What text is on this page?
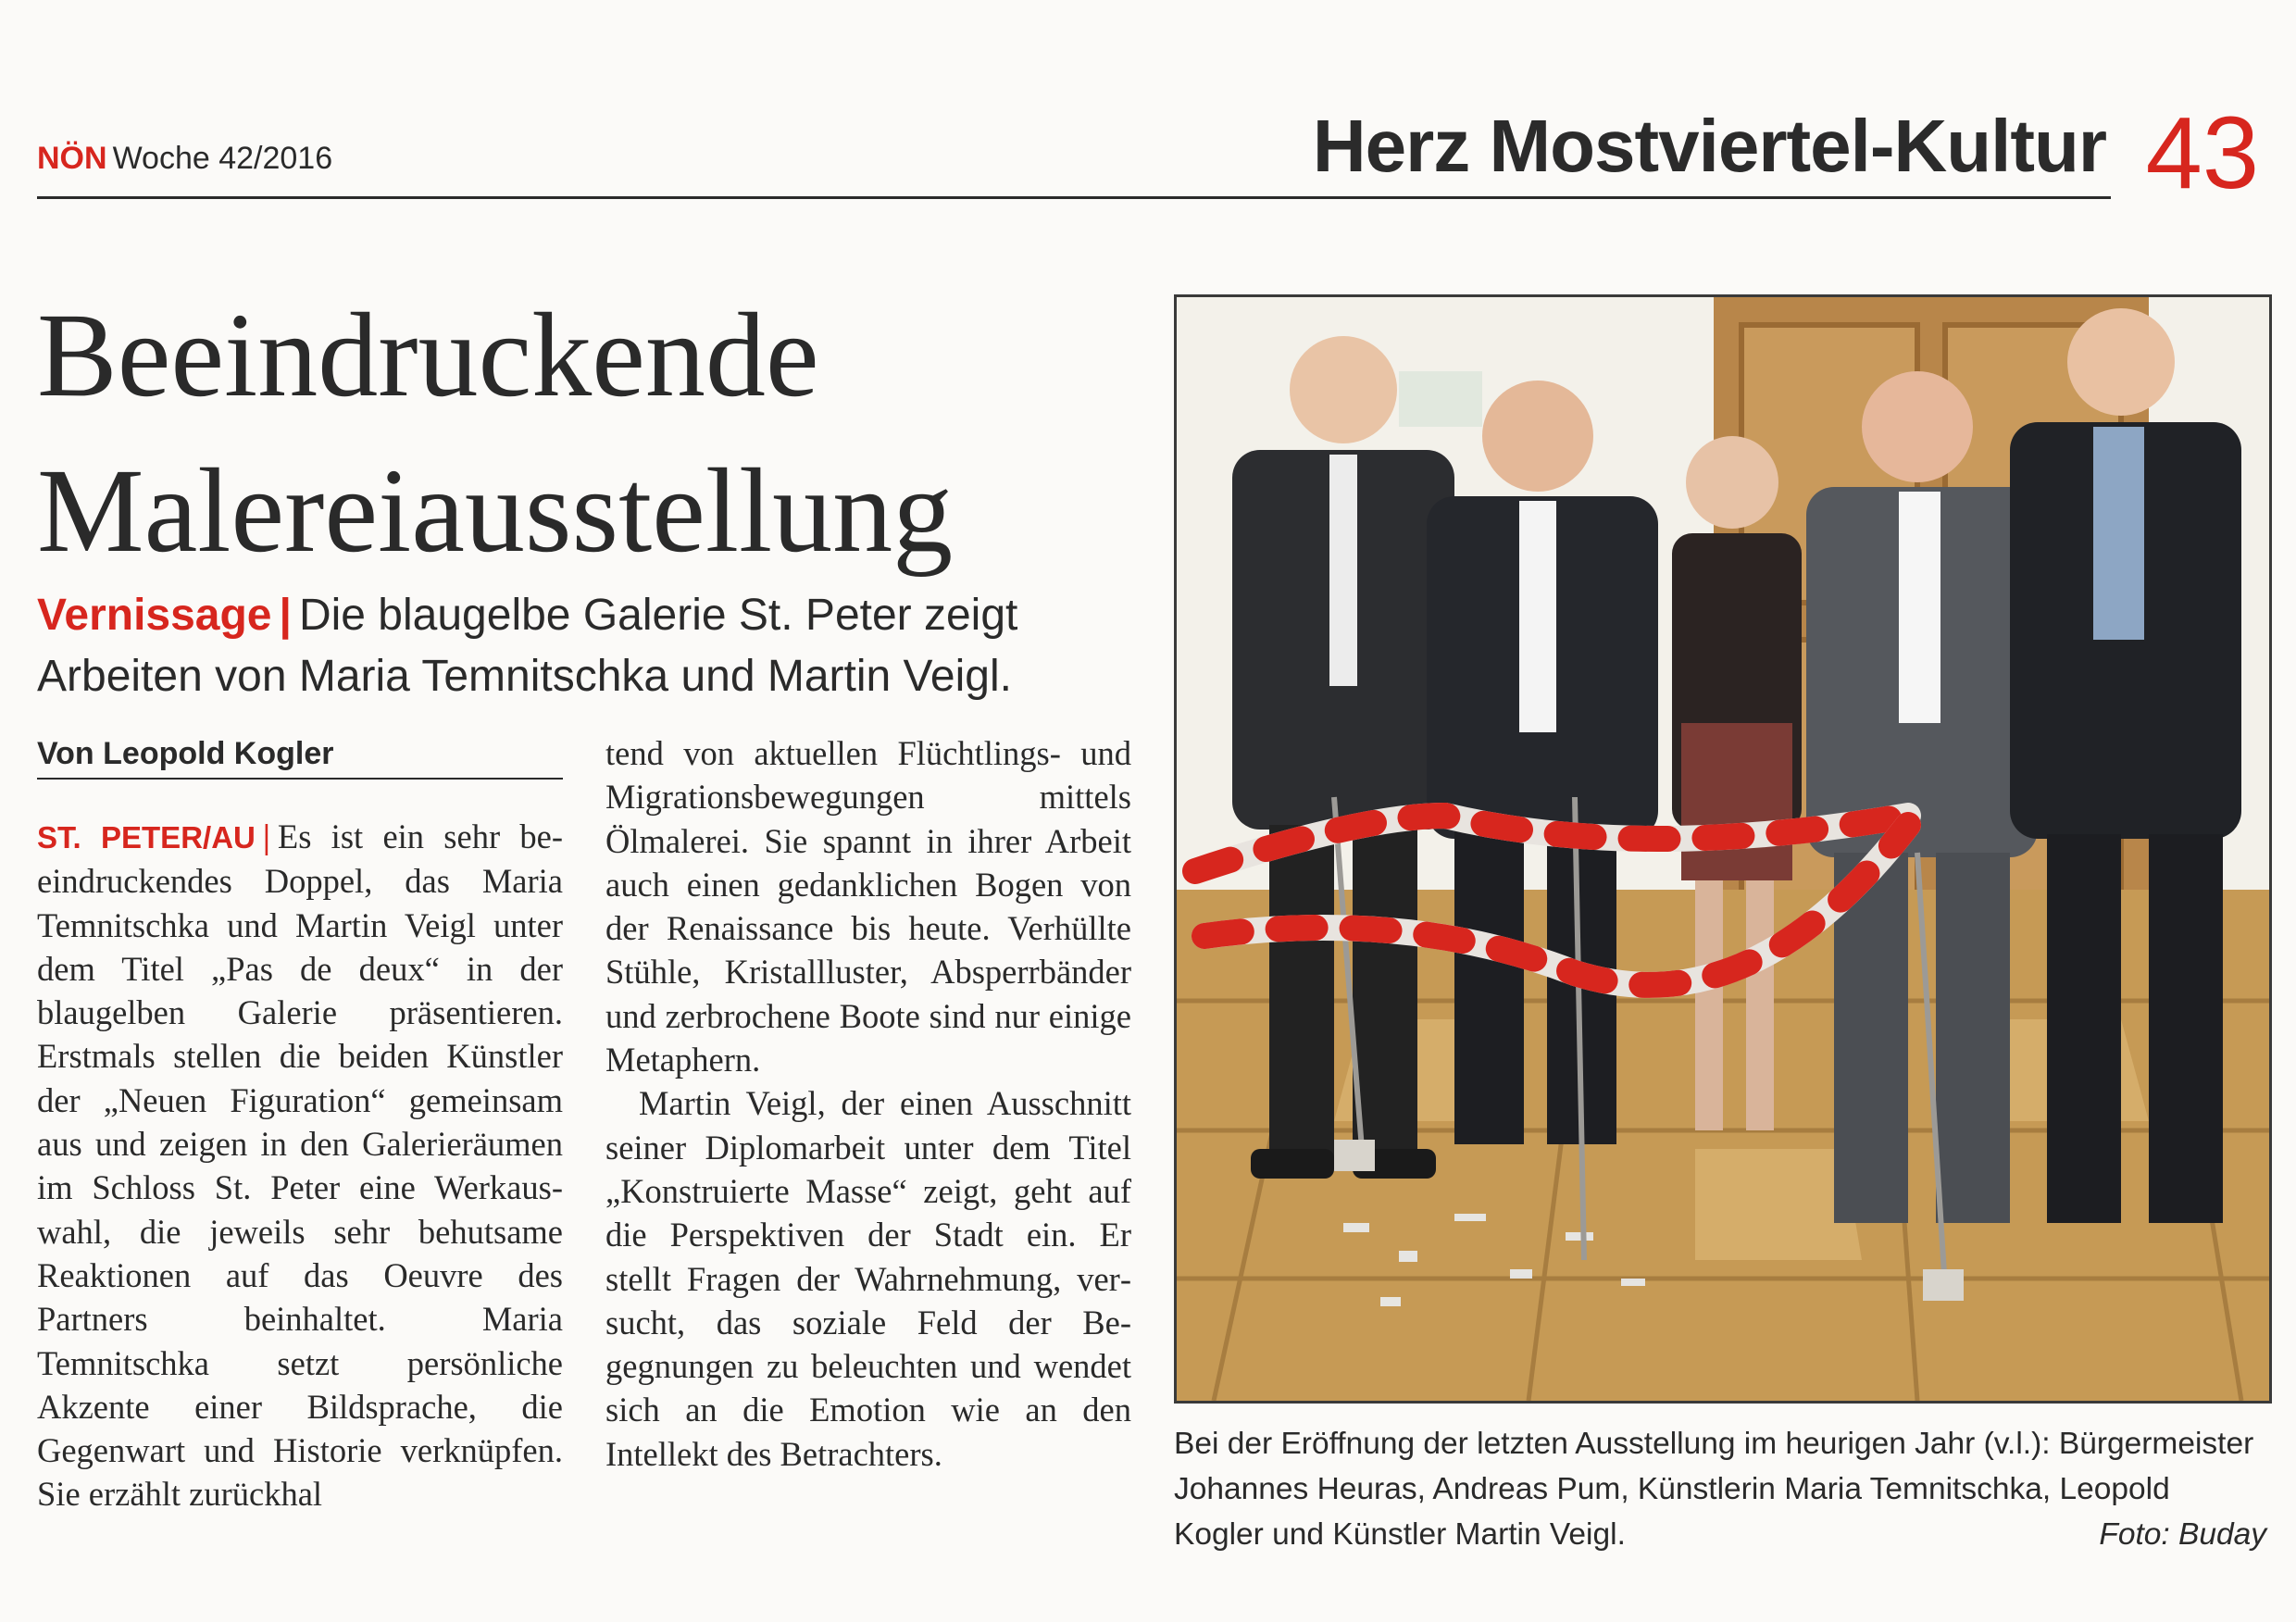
NÖN Woche 42/2016	Herz Mostviertel-Kultur 43
Beeindruckende
Malereiausstellung

Vernissage | Die blaugelbe Galerie St. Peter zeigt
Arbeiten von Maria Temnitschka und Martin Veigl.

Von Leopold Kogler

ST. PETER/AU | Es ist ein sehr beeindruckendes Doppel, das Maria Temnitschka und Martin Veigl unter dem Titel „Pas de deux“ in der blaugelben Galerie präsentieren. Erstmals stellen die beiden Künstler der „Neuen Figuration“ gemeinsam aus und zeigen in den Galerieräumen im Schloss St. Peter eine Werkauswahl, die jeweils sehr behutsame Reaktionen auf das Oeuvre des Partners beinhaltet. Maria Temnitschka setzt persönliche Akzente einer Bildsprache, die Gegenwart und Historie verknüpfen. Sie erzählt zurückhal

tend von aktuellen Flüchtlings- und Migrationsbewegungen mittels Ölmalerei. Sie spannt in ihrer Arbeit auch einen gedanklichen Bogen von der Renaissance bis heute. Verhüllte Stühle, Kristallluster, Absperrbänder und zerbrochene Boote sind nur einige Metaphern.

Martin Veigl, der einen Ausschnitt seiner Diplomarbeit unter dem Titel „Konstruierte Masse“ zeigt, geht auf die Perspektiven der Stadt ein. Er stellt Fragen der Wahrnehmung, versucht, das soziale Feld der Begegnungen zu beleuchten und wendet sich an die Emotion wie an den Intellekt des Betrachters.	Bei der Eröffnung der letzten Ausstellung im heurigen Jahr (v.l.): Bürgermeister Johannes Heuras, Andreas Pum, Künstlerin Maria Temnitschka, Leopold Kogler und Künstler Martin Veigl.	Foto: Buday
